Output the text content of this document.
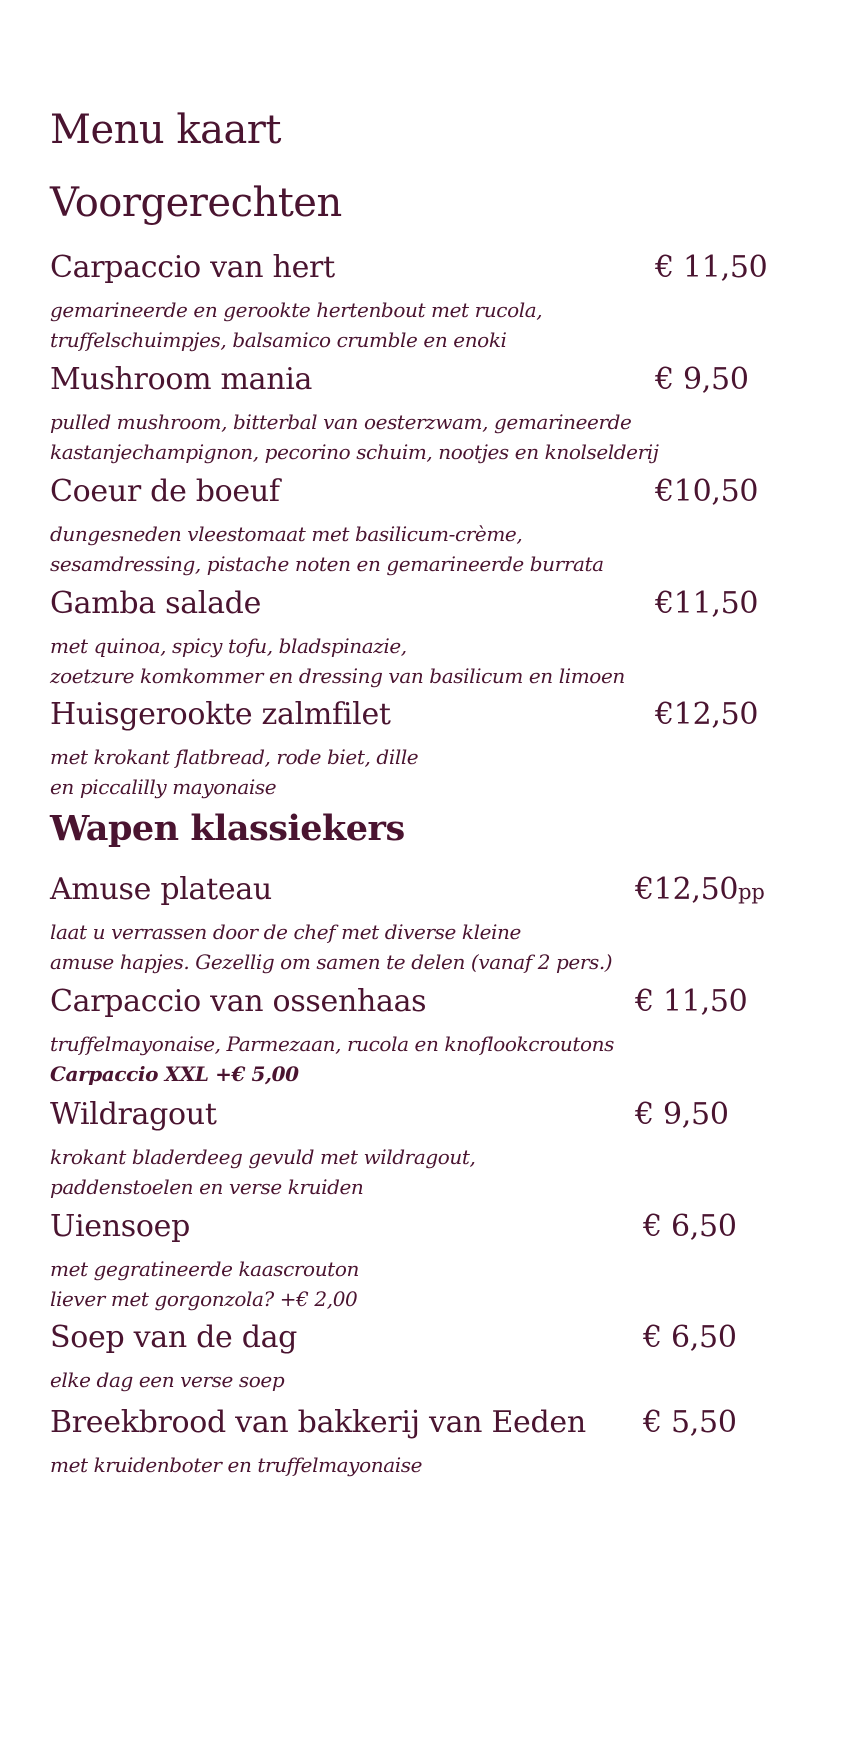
Menu kaart
Voorgerechten
Carpaccio van hert	€ 11,50
gemarineerde en gerookte hertenbout met rucola,
truffelschuimpjes, balsamico crumble en enoki
Mushroom mania	€ 9,50
pulled mushroom, bitterbal van oesterzwam, gemarineerde
kastanjechampignon, pecorino schuim, nootjes en knolselderij
Coeur de boeuf	€10,50
dungesneden vleestomaat met basilicum-crème,
sesamdressing, pistache noten en gemarineerde burrata
Gamba salade	€11,50
met quinoa, spicy tofu, bladspinazie,
zoetzure komkommer en dressing van basilicum en limoen
Huisgerookte zalmfilet	€12,50
met krokant flatbread, rode biet, dille
en piccalilly mayonaise
Wapen klassiekers
Amuse plateau	€12,50pp
laat u verrassen door de chef met diverse kleine
amuse hapjes. Gezellig om samen te delen (vanaf 2 pers.)
Carpaccio van ossenhaas	€ 11,50
truffelmayonaise, Parmezaan, rucola en knoflookcroutons
Carpaccio XXL +€ 5,00
Wildragout	€ 9,50
krokant bladerdeeg gevuld met wildragout,
paddenstoelen en verse kruiden
Uiensoep	€ 6,50
met gegratineerde kaascrouton
liever met gorgonzola? +€ 2,00
Soep van de dag	€ 6,50
elke dag een verse soep
Breekbrood van bakkerij van Eeden € 5,50
met kruidenboter en truffelmayonaise
